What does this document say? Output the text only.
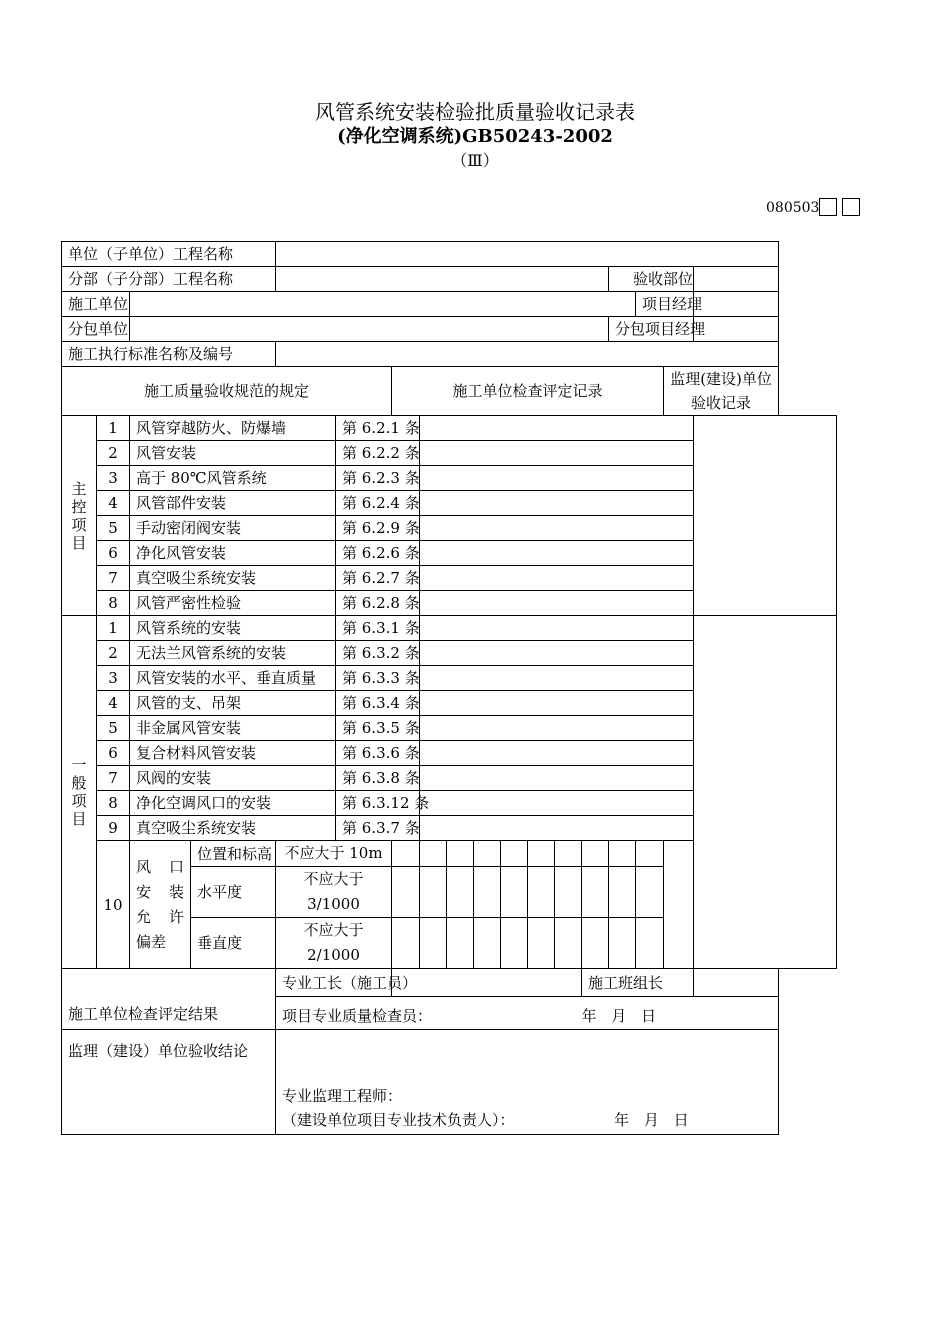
风管系统安装检验批质量验收记录表
(净化空调系统)GB50243-2002
（Ⅲ）
080503
单位（子单位）工程名称																	
分部（子分部）工程名称														验收部位			
施工单位															项目经理		
分包单位														分包项目经理			
施工执行标准名称及编号																	
施工质量验收规范的规定						施工单位检查评定记录										监理(建设)单位验收记录	

主控项目	1	风管穿越防火、防爆墙			第 6.2.1 条												
	2	风管安装			第 6.2.2 条												
	3	高于 80℃风管系统			第 6.2.3 条												
	4	风管部件安装			第 6.2.4 条												
	5	手动密闭阀安装			第 6.2.9 条												
	6	净化风管安装			第 6.2.6 条												
	7	真空吸尘系统安装			第 6.2.7 条												
	8	风管严密性检验			第 6.2.8 条												

一般项目	1	风管系统的安装			第 6.3.1 条												
	2	无法兰风管系统的安装			第 6.3.2 条												
	3	风管安装的水平、垂直质量			第 6.3.3 条												
	4	风管的支、吊架			第 6.3.4 条												
	5	非金属风管安装			第 6.3.5 条												
	6	复合材料风管安装			第 6.3.6 条												
	7	风阀的安装			第 6.3.8 条												
	8	净化空调风口的安装			第 6.3.12 条												
	9	真空吸尘系统安装			第 6.3.7 条												
	10	风 口 安 装 允 许 偏差	位置和标高	不应大于 10m													
			水平度	不应大于 3/1000													
			垂直度	不应大于 2/1000													
施工单位检查评定结果				专业工长（施工员）									施工班组长				
				项目专业质量检查员： 年 月 日													
监理（建设）单位验收结论				专业监理工程师：
（建设单位项目专业技术负责人）： 年 月 日													
